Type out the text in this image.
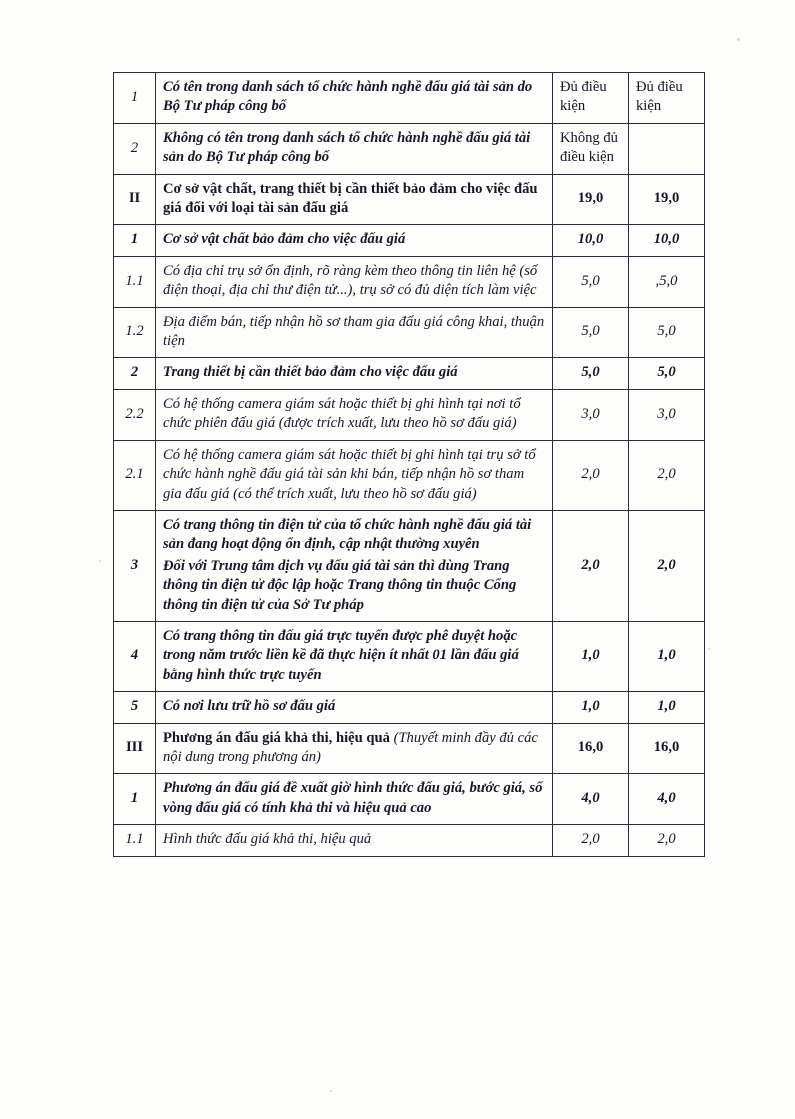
1	Có tên trong danh sách tổ chức hành nghề đấu giá tài sản do Bộ Tư pháp công bố	Đủ điều kiện	Đủ điều kiện
2	Không có tên trong danh sách tổ chức hành nghề đấu giá tài sản do Bộ Tư pháp công bố	Không đủ điều kiện	
II	Cơ sở vật chất, trang thiết bị cần thiết bảo đảm cho việc đấu giá đối với loại tài sản đấu giá	19,0	19,0
1	Cơ sở vật chất bảo đảm cho việc đấu giá	10,0	10,0
1.1	Có địa chỉ trụ sở ổn định, rõ ràng kèm theo thông tin liên hệ (số điện thoại, địa chỉ thư điện tử...), trụ sở có đủ diện tích làm việc	5,0	,5,0
1.2	Địa điểm bán, tiếp nhận hồ sơ tham gia đấu giá công khai, thuận tiện	5,0	5,0
2	Trang thiết bị cần thiết bảo đảm cho việc đấu giá	5,0	5,0
2.2	Có hệ thống camera giám sát hoặc thiết bị ghi hình tại nơi tổ chức phiên đấu giá (được trích xuất, lưu theo hồ sơ đấu giá)	3,0	3,0
2.1	Có hệ thống camera giám sát hoặc thiết bị ghi hình tại trụ sở tổ chức hành nghề đấu giá tài sản khi bán, tiếp nhận hồ sơ tham gia đấu giá (có thể trích xuất, lưu theo hồ sơ đấu giá)	2,0	2,0
3	Có trang thông tin điện tử của tổ chức hành nghề đấu giá tài sản đang hoạt động ổn định, cập nhật thường xuyên

Đối với Trung tâm dịch vụ đấu giá tài sản thì dùng Trang thông tin điện tử độc lập hoặc Trang thông tin thuộc Cổng thông tin điện tử của Sở Tư pháp	2,0	2,0
4	Có trang thông tin đấu giá trực tuyến được phê duyệt hoặc trong năm trước liền kề đã thực hiện ít nhất 01 lần đấu giá bằng hình thức trực tuyến	1,0	1,0
5	Có nơi lưu trữ hồ sơ đấu giá	1,0	1,0
III	Phương án đấu giá khả thi, hiệu quả (Thuyết minh đầy đủ các nội dung trong phương án)	16,0	16,0
1	Phương án đấu giá đề xuất giờ hình thức đấu giá, bước giá, số vòng đấu giá có tính khả thi và hiệu quả cao	4,0	4,0
1.1	Hình thức đấu giá khả thi, hiệu quả	2,0	2,0
